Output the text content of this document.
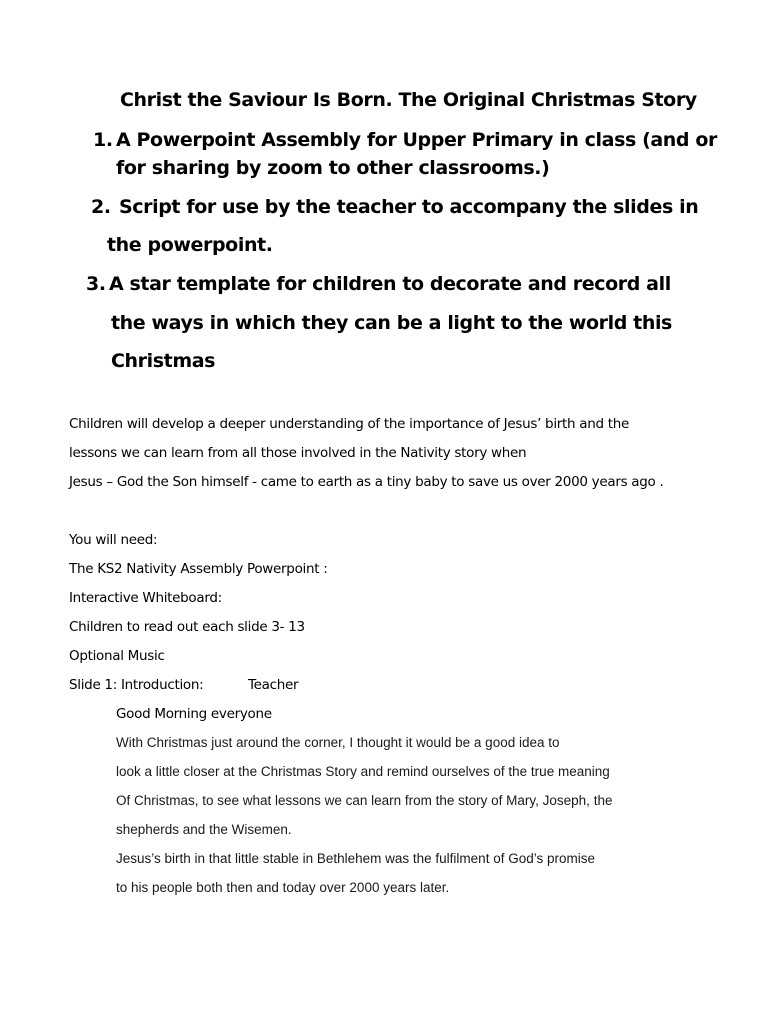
Christ the Saviour Is Born. The Original Christmas Story
1. A Powerpoint Assembly for Upper Primary in class (and or
for sharing by zoom to other classrooms.)
2. Script for use by the teacher to accompany the slides in
the powerpoint.
3. A star template for children to decorate and record all
the ways in which they can be a light to the world this
Christmas
Children will develop a deeper understanding of the importance of Jesus’ birth and the
lessons we can learn from all those involved in the Nativity story when
Jesus – God the Son himself - came to earth as a tiny baby to save us over 2000 years ago .
You will need:
The KS2 Nativity Assembly Powerpoint :
Interactive Whiteboard:
Children to read out each slide 3- 13
Optional Music
Slide 1: Introduction:	Teacher
Good Morning everyone
With Christmas just around the corner, I thought it would be a good idea to
look a little closer at the Christmas Story and remind ourselves of the true meaning
Of Christmas, to see what lessons we can learn from the story of Mary, Joseph, the
shepherds and the Wisemen.
Jesus’s birth in that little stable in Bethlehem was the fulfilment of God’s promise
to his people both then and today over 2000 years later.
